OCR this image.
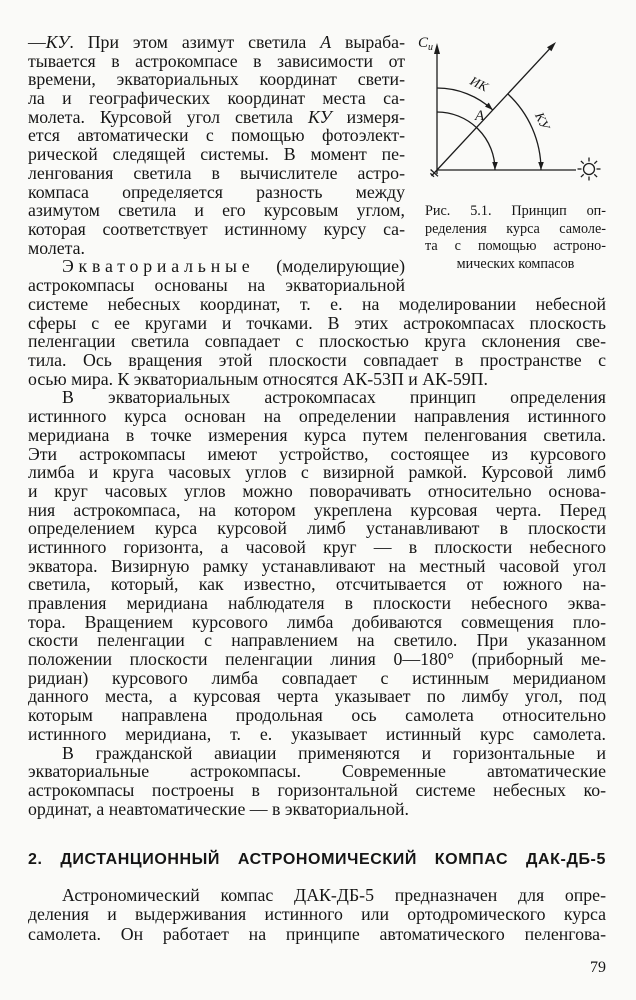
—КУ. При этом азимут светила А выраба-
тывается в астрокомпасе в зависимости от
времени, экваториальных координат свети-
ла и географических координат места са-
молета. Курсовой угол светила КУ измеря-
ется автоматически с помощью фотоэлект-
рической следящей системы. В момент пе-
ленгования светила в вычислителе астро-
компаса определяется разность между
азимутом светила и его курсовым углом,
которая соответствует истинному курсу са-
молета.
Экваториальные (моделирующие)
астрокомпасы основаны на экваториальной
С и
ИК
А	КУ
Рис. 5.1. Принцип оп-
ределения курса самоле-
та с помощью астроно-
мических компасов
системе небесных координат, т. е. на моделировании небесной
сферы с ее кругами и точками. В этих астрокомпасах плоскость
пеленгации светила совпадает с плоскостью круга склонения све-
тила. Ось вращения этой плоскости совпадает в пространстве с
осью мира. К экваториальным относятся АК-53П и АК-59П.
В экваториальных астрокомпасах принцип определения
истинного курса основан на определении направления истинного
меридиана в точке измерения курса путем пеленгования светила.
Эти астрокомпасы имеют устройство, состоящее из курсового
лимба и круга часовых углов с визирной рамкой. Курсовой лимб
и круг часовых углов можно поворачивать относительно основа-
ния астрокомпаса, на котором укреплена курсовая черта. Перед
определением курса курсовой лимб устанавливают в плоскости
истинного горизонта, а часовой круг — в плоскости небесного
экватора. Визирную рамку устанавливают на местный часовой угол
светила, который, как известно, отсчитывается от южного на-
правления меридиана наблюдателя в плоскости небесного эква-
тора. Вращением курсового лимба добиваются совмещения пло-
скости пеленгации с направлением на светило. При указанном
положении плоскости пеленгации линия 0—180° (приборный ме-
ридиан) курсового лимба совпадает с истинным меридианом
данного места, а курсовая черта указывает по лимбу угол, под
которым направлена продольная ось самолета относительно
истинного меридиана, т. е. указывает истинный курс самолета.
В гражданской авиации применяются и горизонтальные и
экваториальные астрокомпасы. Современные автоматические
астрокомпасы построены в горизонтальной системе небесных ко-
ординат, а неавтоматические — в экваториальной.
2. ДИСТАНЦИОННЫЙ АСТРОНОМИЧЕСКИЙ КОМПАС ДАК-ДБ-5
Астрономический компас ДАК-ДБ-5 предназначен для опре-
деления и выдерживания истинного или ортодромического курса
самолета. Он работает на принципе автоматического пеленгова-
79
